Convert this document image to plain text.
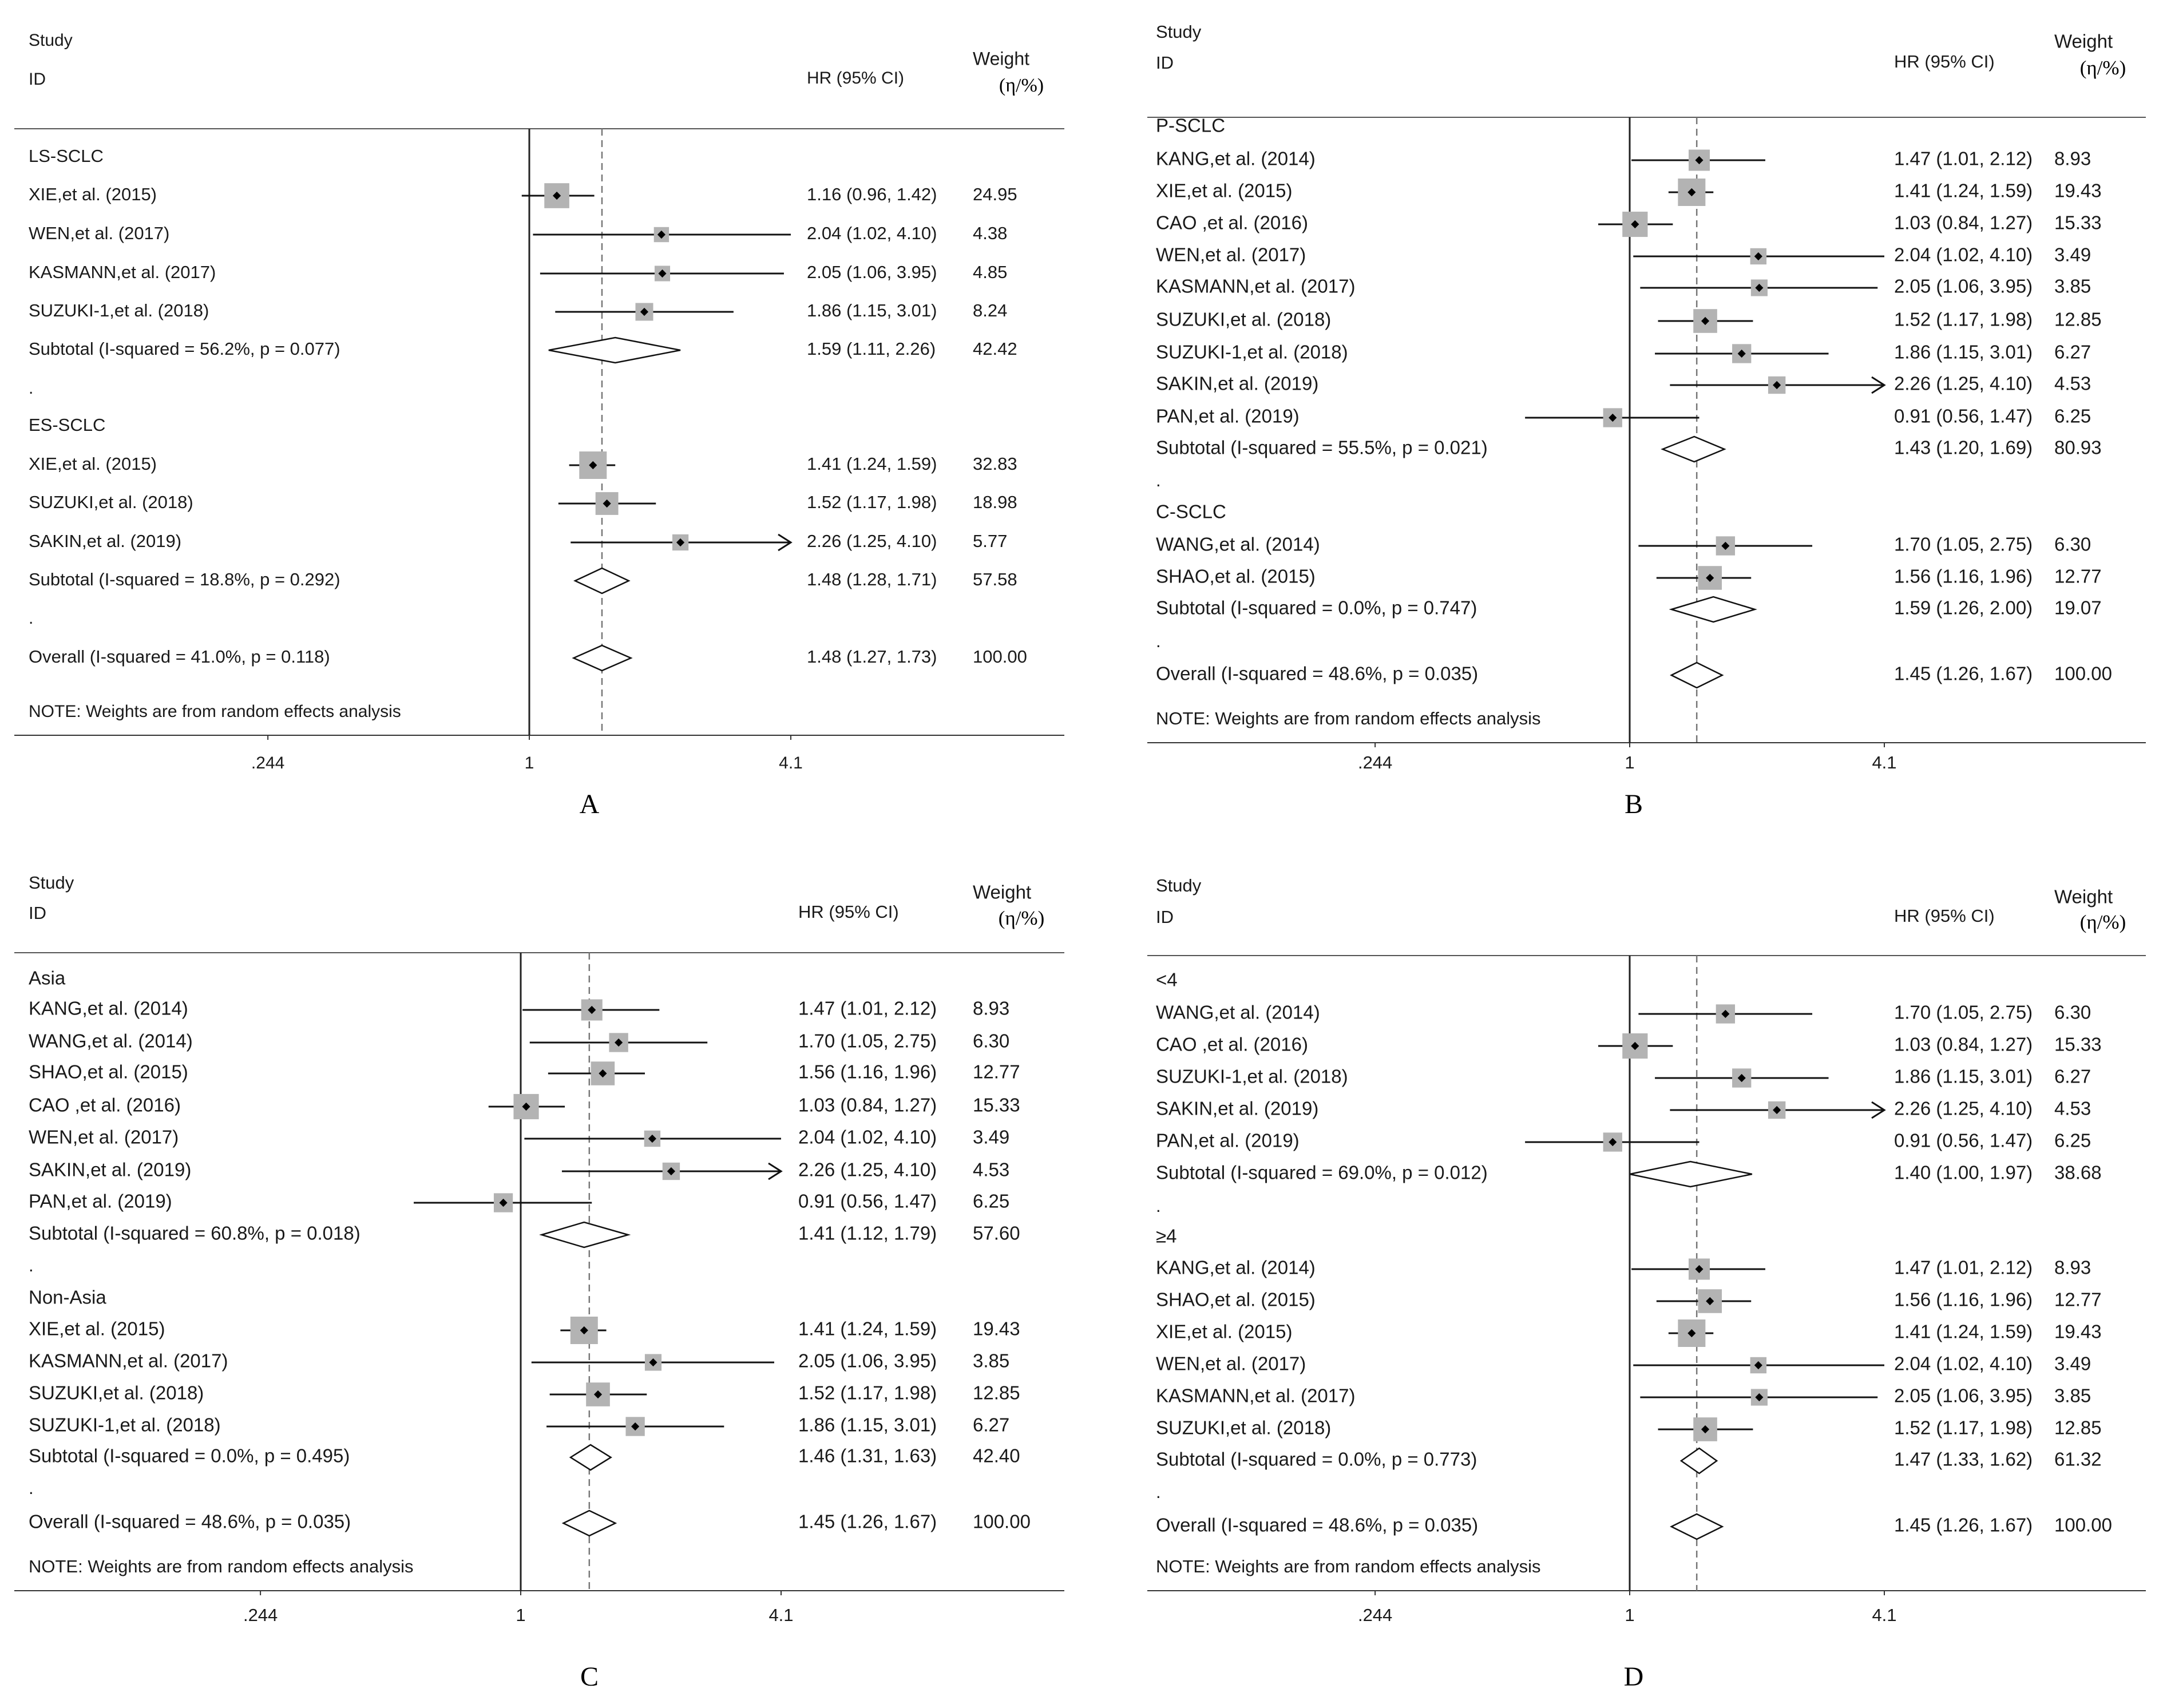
Study
ID	HR (95% CI)
Weight
(η/%)
.244	1	4.1
NOTE: Weights are from random effects analysis
LS-SCLC
XIE,et al. (2015)	1.16 (0.96, 1.42) 24.95
WEN,et al. (2017)	2.04 (1.02, 4.10) 4.38
KASMANN,et al. (2017)	2.05 (1.06, 3.95) 4.85
SUZUKI-1,et al. (2018)	1.86 (1.15, 3.01) 8.24
Subtotal (I-squared = 56.2%, p = 0.077)	1.59 (1.11, 2.26) 42.42
.
ES-SCLC
XIE,et al. (2015)	1.41 (1.24, 1.59) 32.83
SUZUKI,et al. (2018)	1.52 (1.17, 1.98) 18.98
SAKIN,et al. (2019)	2.26 (1.25, 4.10) 5.77
Subtotal (I-squared = 18.8%, p = 0.292)	1.48 (1.28, 1.71) 57.58
.
Overall (I-squared = 41.0%, p = 0.118)	1.48 (1.27, 1.73) 100.00
A
Study
ID	HR (95% CI)
Weight
(η/%)
.244	1	4.1
NOTE: Weights are from random effects analysis
P-SCLC
KANG,et al. (2014)	1.47 (1.01, 2.12) 8.93
XIE,et al. (2015)	1.41 (1.24, 1.59) 19.43
CAO ,et al. (2016)	1.03 (0.84, 1.27) 15.33
WEN,et al. (2017)	2.04 (1.02, 4.10) 3.49
KASMANN,et al. (2017)	2.05 (1.06, 3.95) 3.85
SUZUKI,et al. (2018)	1.52 (1.17, 1.98) 12.85
SUZUKI-1,et al. (2018)	1.86 (1.15, 3.01) 6.27
SAKIN,et al. (2019)	2.26 (1.25, 4.10) 4.53
PAN,et al. (2019)	0.91 (0.56, 1.47) 6.25
Subtotal (I-squared = 55.5%, p = 0.021)	1.43 (1.20, 1.69) 80.93
.
C-SCLC
WANG,et al. (2014)	1.70 (1.05, 2.75) 6.30
SHAO,et al. (2015)	1.56 (1.16, 1.96) 12.77
Subtotal (I-squared = 0.0%, p = 0.747)	1.59 (1.26, 2.00) 19.07
.
Overall (I-squared = 48.6%, p = 0.035)	1.45 (1.26, 1.67) 100.00
B
Study
ID	HR (95% CI)
Weight
(η/%)
.244	1	4.1
NOTE: Weights are from random effects analysis
Asia
KANG,et al. (2014)	1.47 (1.01, 2.12) 8.93
WANG,et al. (2014)	1.70 (1.05, 2.75) 6.30
SHAO,et al. (2015)	1.56 (1.16, 1.96) 12.77
CAO ,et al. (2016)	1.03 (0.84, 1.27) 15.33
WEN,et al. (2017)	2.04 (1.02, 4.10) 3.49
SAKIN,et al. (2019)	2.26 (1.25, 4.10) 4.53
PAN,et al. (2019)	0.91 (0.56, 1.47) 6.25
Subtotal (I-squared = 60.8%, p = 0.018)	1.41 (1.12, 1.79) 57.60
.
Non-Asia
XIE,et al. (2015)	1.41 (1.24, 1.59) 19.43
KASMANN,et al. (2017)	2.05 (1.06, 3.95) 3.85
SUZUKI,et al. (2018)	1.52 (1.17, 1.98) 12.85
SUZUKI-1,et al. (2018)	1.86 (1.15, 3.01) 6.27
Subtotal (I-squared = 0.0%, p = 0.495)	1.46 (1.31, 1.63) 42.40
.
Overall (I-squared = 48.6%, p = 0.035)	1.45 (1.26, 1.67) 100.00
C
Study
ID	HR (95% CI)
Weight
(η/%)
.244	1	4.1
NOTE: Weights are from random effects analysis
<4
WANG,et al. (2014)	1.70 (1.05, 2.75) 6.30
CAO ,et al. (2016)	1.03 (0.84, 1.27) 15.33
SUZUKI-1,et al. (2018)	1.86 (1.15, 3.01) 6.27
SAKIN,et al. (2019)	2.26 (1.25, 4.10) 4.53
PAN,et al. (2019)	0.91 (0.56, 1.47) 6.25
Subtotal (I-squared = 69.0%, p = 0.012)	1.40 (1.00, 1.97) 38.68
.
≥4
KANG,et al. (2014)	1.47 (1.01, 2.12) 8.93
SHAO,et al. (2015)	1.56 (1.16, 1.96) 12.77
XIE,et al. (2015)	1.41 (1.24, 1.59) 19.43
WEN,et al. (2017)	2.04 (1.02, 4.10) 3.49
KASMANN,et al. (2017)	2.05 (1.06, 3.95) 3.85
SUZUKI,et al. (2018)	1.52 (1.17, 1.98) 12.85
Subtotal (I-squared = 0.0%, p = 0.773)	1.47 (1.33, 1.62) 61.32
.
Overall (I-squared = 48.6%, p = 0.035)	1.45 (1.26, 1.67) 100.00
D
